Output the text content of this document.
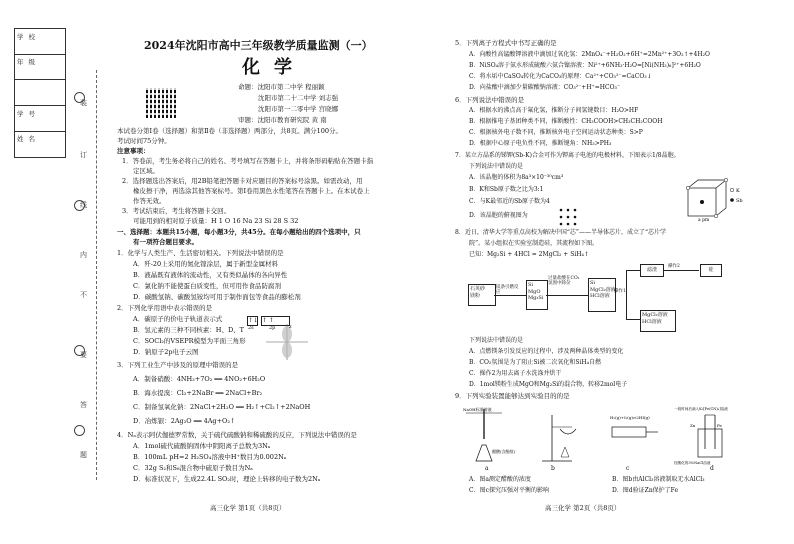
学校
年级
学号
姓名
装
订
线
内
不
要
答
题
2024年沈阳市高中三年级教学质量监测（一）
化学
命题：沈阳市第二中学 程丽颖
沈阳市第二十二中学 刘志强
沈阳市第一二零中学 宫晓娜
审题：沈阳市教育研究院 黄 南
本试卷分第Ⅰ卷（选择题）和第Ⅱ卷（非选择题）两部分，共8页。满分100分。
考试时间75分钟。
注意事项：
1．答卷前，考生务必将自己的姓名、考号填写在答题卡上，并将条形码粘贴在答题卡指
定区域。
2．选择题选出答案后，用2B铅笔把答题卡对应题目的答案标号涂黑。如需改动，用
橡皮擦干净，再选涂其他答案标号。第Ⅰ卷用黑色水性笔答在答题卡上。在本试卷上
作答无效。
3．考试结束后，考生将答题卡交回。
可能用到的相对原子质量：H 1 O 16 Na 23 Si 28 S 32
一、选择题：本题共15小题，每小题3分，共45分。在每小题给出的四个选项中，只
有一项符合题目要求。
1．化学与人类生产、生活密切相关。下列说法中错误的是
A．歼-20上采用的氮化镓涂层，属于新型金属材料
B．液晶既有液体的流动性，又有类似晶体的各向异性
C．氯化钠不能使蛋白质变性，但可用作食品防腐剂
D．碳酸氢钠、碳酸氢铵均可用于制作面包等食品的膨松剂
2．下列化学用语中表示错误的是
A．碳原子的价电子轨道表示式
B．氢元素的三种不同核素：H、D、T
C．SOCl₂的VSEPR模型为平面三角形
D．钠原子2p电子云图
↑↓ ↑ ↑
2s	2p	z
3．下列工业生产中涉及的原理中错误的是
A．制备硝酸：4NH₃+7O₂ ══ 4NO₂+6H₂O
B．海水提溴：Cl₂+2NaBr ══ 2NaCl+Br₂
C．制备氢氧化钠：2NaCl+2H₂O ══ H₂↑+Cl₂↑+2NaOH
D．冶炼银：2Ag₂O ══ 4Ag+O₂↑
4．Nₐ表示阿伏伽德罗常数，关于硫代硫酸钠和稀硫酸的反应，下列说法中错误的是
A．1mol硫代硫酸钠固体中阴阳离子总数为3Nₐ
B．100mL pH=2 H₂SO₄溶液中H⁺数目为0.002Nₐ
C．32g S₂和S₈混合物中硫原子数目为Nₐ
D．标准状况下，生成22.4L SO₂时，理论上转移的电子数为2Nₐ
5．下列离子方程式中书写正确的是
A．向酸性高锰酸钾溶液中滴加过氧化氢：2MnO₄⁻+H₂O₂+6H⁺=2Mn²⁺+3O₂↑+4H₂O
B．NiSO₄溶于氨水形成硫酸六氨合镍溶液：Ni²⁺+6NH₃·H₂O=[Ni(NH₃)₆]²⁺+6H₂O
C．将水垢中CaSO₄转化为CaCO₃的原理：Ca²⁺+CO₃²⁻=CaCO₃↓
D．向盐酸中滴加少量碳酸钠溶液：CO₃²⁻+H⁺=HCO₃⁻
6．下列说法中错误的是
A．根据水的沸点高于氟化氢，推断分子间氢键数目：H₂O>HF
B．根据推电子基团种类不同，推断酸性：CH₃COOH>CH₃CH₂COOH
C．根据核外电子数不同，推断核外电子空间运动状态种类：S>P
D．根据中心原子电负性不同，推断键角：NH₃>PH₃
7．某立方晶系的锑钾(Sb-K)合金可作为钾离子电池的电极材料，下图表示1/8晶胞。
下列说法中错误的是
A．该晶胞的体积为8a³×10⁻³⁰cm³
B．K和Sb原子数之比为3:1
C．与K最邻近的Sb原子数为4
D．该晶胞的俯视图为
K
Sb
a pm
8．近日，清华大学等重点高校为解决中国“芯”——半导体芯片，成立了“芯片学
院”。某小组拟在实验室制造硅，其流程如下图。
已知：Mg₂Si + 4HCl = 2MgCl₂ + SiH₄↑
石英砂
镁粉
镁条引燃反应
Si
MgO
Mg₂Si
过量盐酸在CO₂氛围中除杂	Si
MgCl₂溶液
HCl溶液
操作1
滤渣
操作2
硅
MgCl₂溶液
HCl溶液
下列说法中错误的是
A．点燃镁条引发反应的过程中，涉及两种晶体类型的变化
B．CO₂氛围是为了阻止Si被二次氧化和SiH₄自燃
C．操作2为用去离子水洗涤并烘干
D．1mol镁粉生成MgO和Mg₂Si的混合物，转移2mol电子
9．下列实验装置能够达到实验目的的是
NaOH标准溶液
醋酸(含酚酞)
H₂(g)+I₂(g)⇌2HI(g)
Zn	Fe
一段时间后滴入K₃[Fe(CN)₆]溶液
经酸化的3%NaCl溶液
a	b	c	d
A．图a测定醋酸的浓度	B．图b由AlCl₃溶液制取无水AlCl₃
C．图c探究压强对平衡的影响	D．图d验证Zn保护了Fe
高三化学 第1页（共8页）	高三化学 第2页（共8页）
